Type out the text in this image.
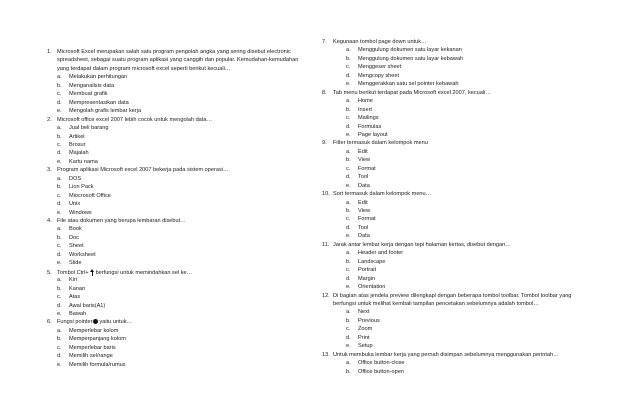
1. Microsoft Excel merupakan salah satu program pengolah angka yang sering disebut electronic
spreadsheet, sebagai suatu program aplikasi yang canggih dan popular. Kemudahan-kemudahan
yang terdapat dalam program microsoft excel seperti berikut kecuali…
a. Melakukan perhitungan
b. Menganalisis data
c. Membuat grafik
d. Mempresentasikan data
e. Mengolah grafis lembar kerja
2. Microsoft office excel 2007 lebih cocok untuk mengolah data…
a. Jual beli barang
b. Artikel
c. Brosur
d. Majalah
e. Kartu nama
3. Program aplikasi Microsoft excel 2007 bekerja pada sistem operasi…
a. DOS
b. Lion Pack
c. Miocrosoft Office
d. Unix
e. Windows
4. File atau dokumen yang berupa lembaran disebut…
a. Book
b. Doc
c. Sheet
d. Worksheet
e. Slide
5. Tombol Ctrl+berfungsi untuk memindahkan sel ke…
a. Kiri
b. Kanan
c. Atas
d. Awal baris(A1)
e. Bawah
6. Fungsi pointeryaitu untuk…
a. Memperlebar kolom
b. Memperpanjang kolom
c. Memperlebar baris
d. Memilih sel/range
e. Memilih formula/rumus
7. Kegunaan tombol page down untuk…
a. Menggulung dokumen satu layar kekanan
b. Menggulung dokumen satu layar kebawah
c. Menggeser sheet
d. Mengcopy sheet
e. Menggerakkan satu sel pointer kebawah
8. Tab menu berikut terdapat pada Microsoft excel 2007, kecuali…
a. Home
b. Insert
c. Mailings
d. Formulas
e. Page layout
9. Filter termasuk dalam kelompok menu
a. Edit
b. View
c. Format
d. Tool
e. Data
10. Sort termasuk dalam kelompok menu…
a. Edit
b. View
c. Format
d. Tool
e. Data
11. Jarak antar lembar kerja dengan tepi halaman kertas, disebut dengan…
a. Header and footer
b. Landscape
c. Portrait
d. Margin
e. Orientation
12. Di bagian atas jendela preview dilengkapi dengan beberapa tombol toolbar. Tombol toolbar yang
berfungsi untuk melihat kembali tampilan pencetakan sebelumnya adalah tombol…
a. Next
b. Previous
c. Zoom
d. Print
e. Setup
13. Untuk membuka lembar kerja yang pernah disimpan sebelumnya menggunakan perintah…
a. Office button-close
b. Office button-open
